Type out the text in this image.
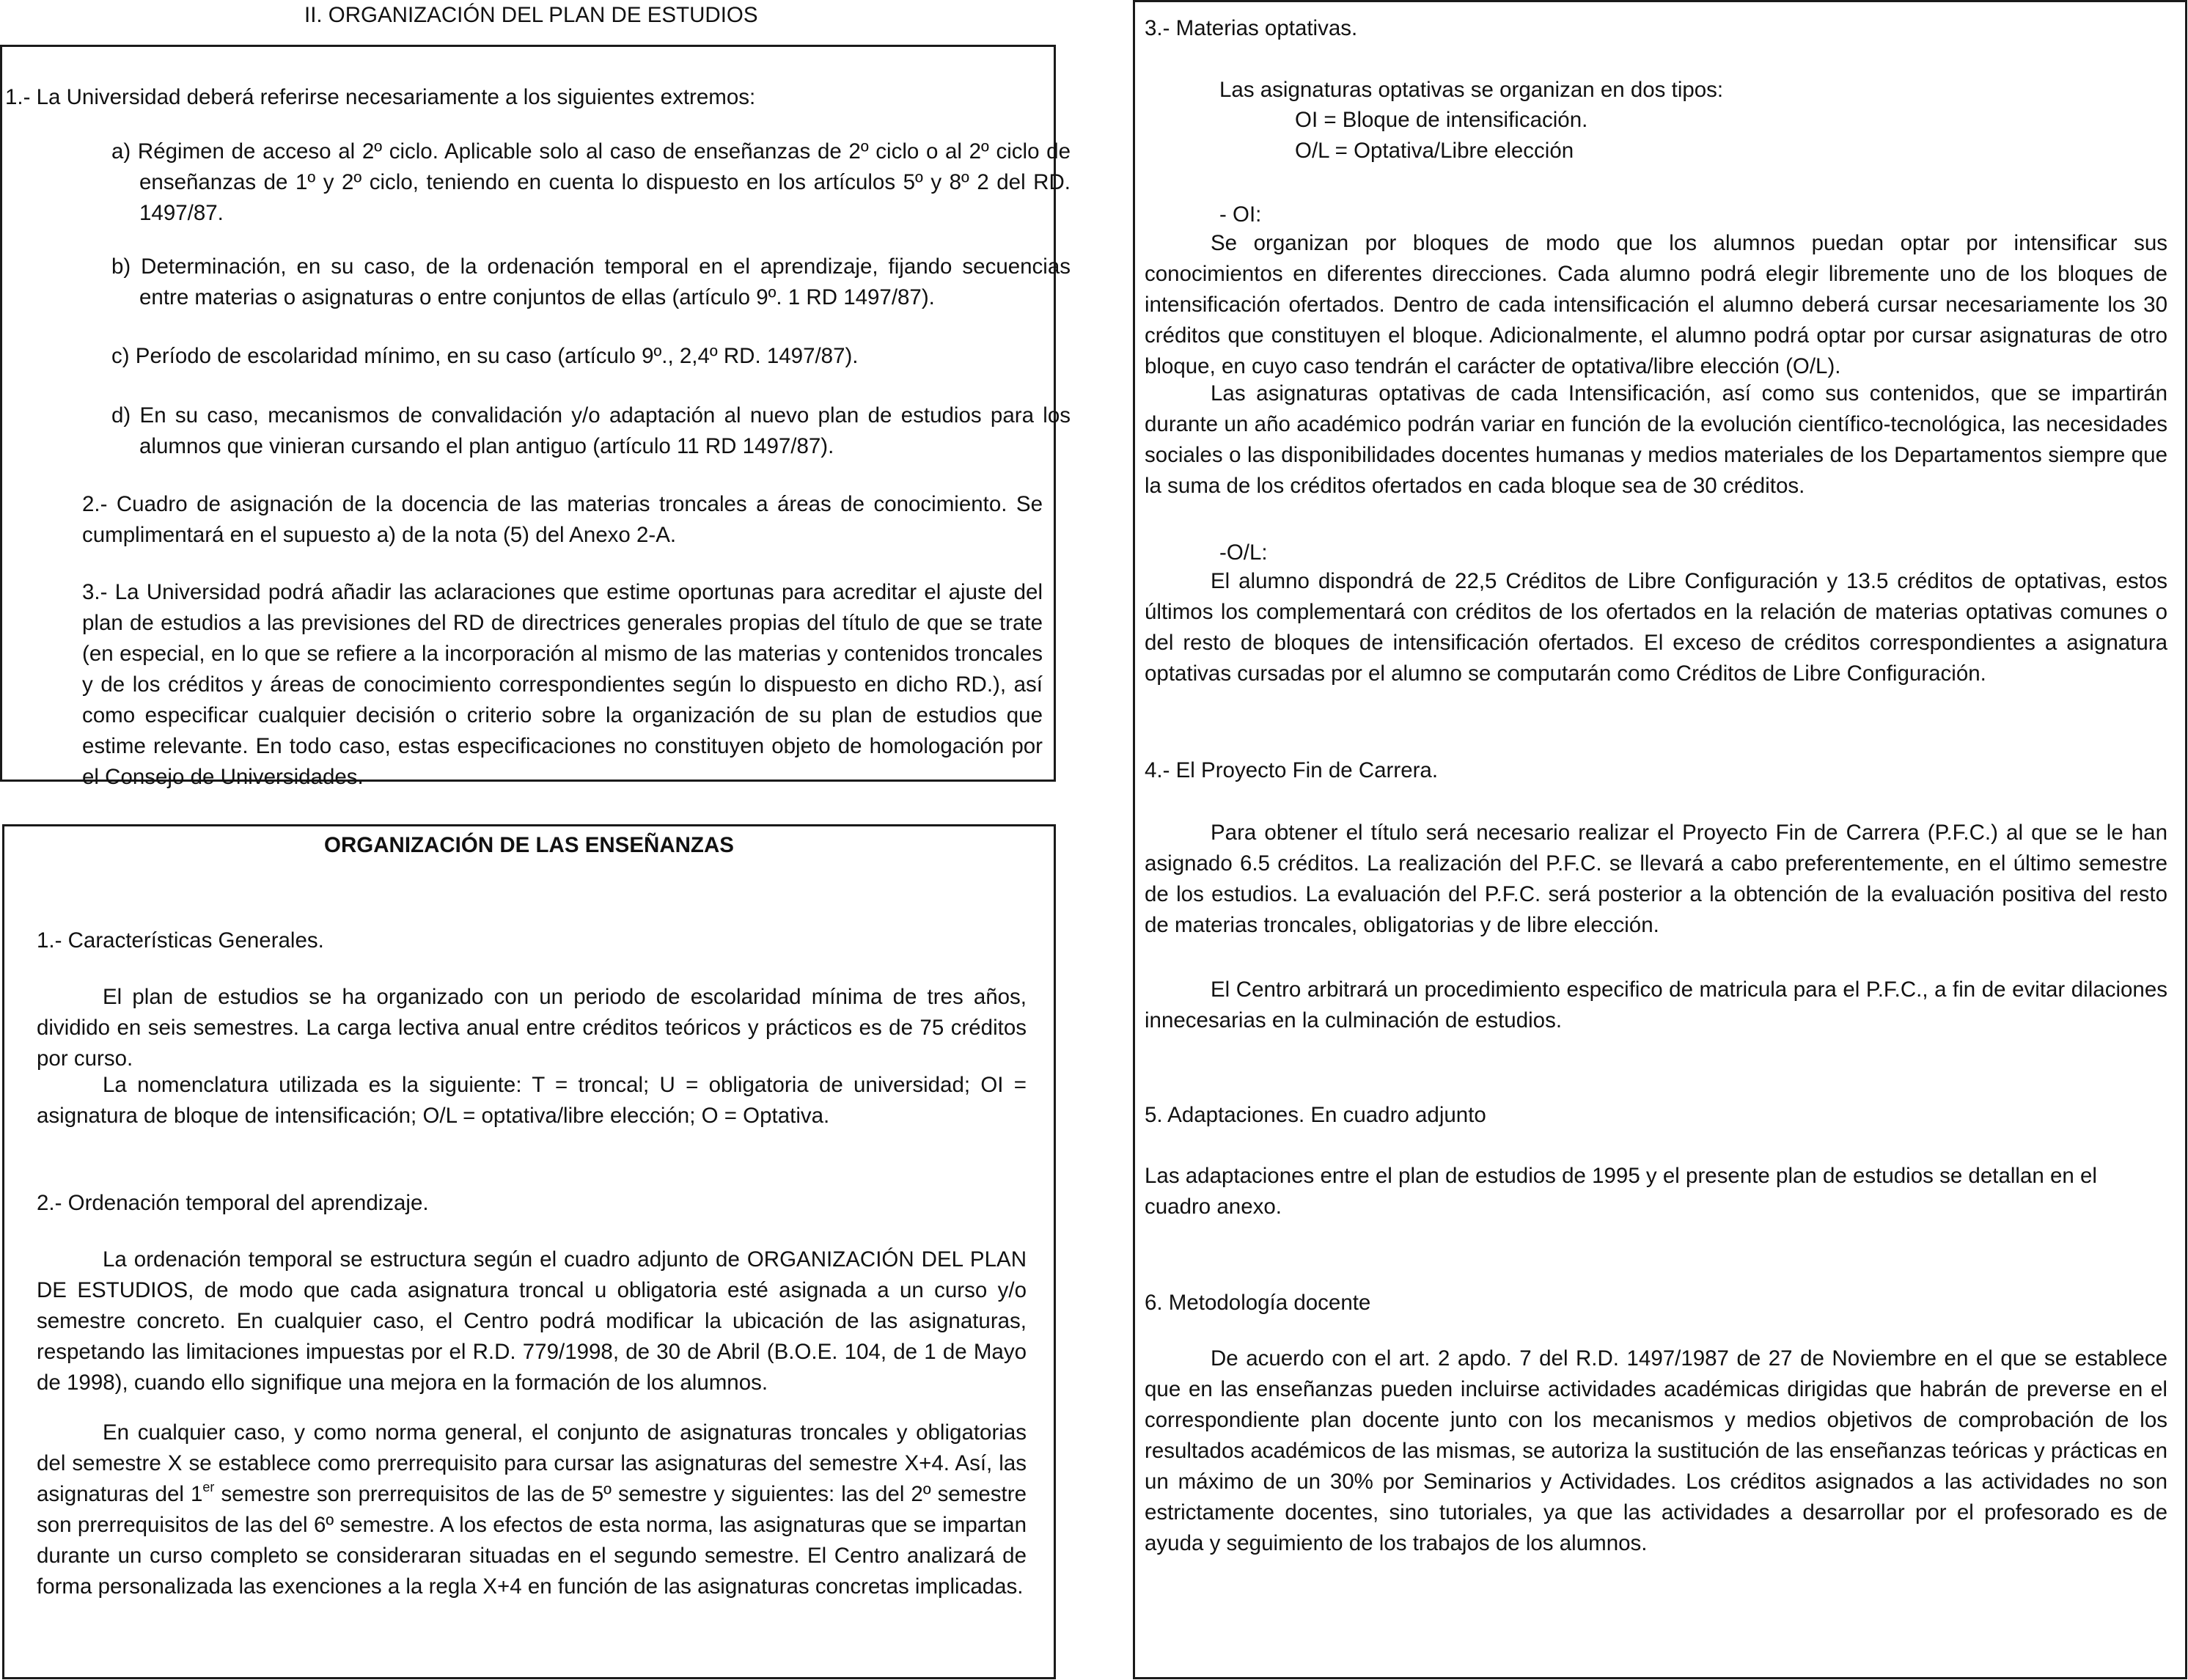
II. ORGANIZACIÓN DEL PLAN DE ESTUDIOS

1.- La Universidad deberá referirse necesariamente a los siguientes extremos:

a) Régimen de acceso al 2º ciclo. Aplicable solo al caso de enseñanzas de 2º ciclo o al 2º ciclo de enseñanzas de 1º y 2º ciclo, teniendo en cuenta lo dispuesto en los artículos 5º y 8º 2 del RD. 1497/87.

b) Determinación, en su caso, de la ordenación temporal en el aprendizaje, fijando secuencias entre materias o asignaturas o entre conjuntos de ellas (artículo 9º. 1 RD 1497/87).

c) Período de escolaridad mínimo, en su caso (artículo 9º., 2,4º RD. 1497/87).

d) En su caso, mecanismos de convalidación y/o adaptación al nuevo plan de estudios para los alumnos que vinieran cursando el plan antiguo (artículo 11 RD 1497/87).

2.- Cuadro de asignación de la docencia de las materias troncales a áreas de conocimiento. Se cumplimentará en el supuesto a) de la nota (5) del Anexo 2-A.

3.- La Universidad podrá añadir las aclaraciones que estime oportunas para acreditar el ajuste del plan de estudios a las previsiones del RD de directrices generales propias del título de que se trate (en especial, en lo que se refiere a la incorporación al mismo de las materias y contenidos troncales y de los créditos y áreas de conocimiento correspondientes según lo dispuesto en dicho RD.), así como especificar cualquier decisión o criterio sobre la organización de su plan de estudios que estime relevante. En todo caso, estas especificaciones no constituyen objeto de homologación por el Consejo de Universidades.

ORGANIZACIÓN DE LAS ENSEÑANZAS

1.- Características Generales.

El plan de estudios se ha organizado con un periodo de escolaridad mínima de tres años, dividido en seis semestres. La carga lectiva anual entre créditos teóricos y prácticos es de 75 créditos por curso.

La nomenclatura utilizada es la siguiente: T = troncal; U = obligatoria de universidad; OI = asignatura de bloque de intensificación; O/L = optativa/libre elección; O = Optativa.

2.- Ordenación temporal del aprendizaje.

La ordenación temporal se estructura según el cuadro adjunto de ORGANIZACIÓN DEL PLAN DE ESTUDIOS, de modo que cada asignatura troncal u obligatoria esté asignada a un curso y/o semestre concreto. En cualquier caso, el Centro podrá modificar la ubicación de las asignaturas, respetando las limitaciones impuestas por el R.D. 779/1998, de 30 de Abril (B.O.E. 104, de 1 de Mayo de 1998), cuando ello signifique una mejora en la formación de los alumnos.

En cualquier caso, y como norma general, el conjunto de asignaturas troncales y obligatorias del semestre X se establece como prerrequisito para cursar las asignaturas del semestre X+4. Así, las asignaturas del 1er semestre son prerrequisitos de las de 5º semestre y siguientes: las del 2º semestre son prerrequisitos de las del 6º semestre. A los efectos de esta norma, las asignaturas que se impartan durante un curso completo se consideraran situadas en el segundo semestre. El Centro analizará de forma personalizada las exenciones a la regla X+4 en función de las asignaturas concretas implicadas.

3.- Materias optativas.

Las asignaturas optativas se organizan en dos tipos:

OI = Bloque de intensificación.

O/L = Optativa/Libre elección

- OI:

Se organizan por bloques de modo que los alumnos puedan optar por intensificar sus conocimientos en diferentes direcciones. Cada alumno podrá elegir libremente uno de los bloques de intensificación ofertados. Dentro de cada intensificación el alumno deberá cursar necesariamente los 30 créditos que constituyen el bloque. Adicionalmente, el alumno podrá optar por cursar asignaturas de otro bloque, en cuyo caso tendrán el carácter de optativa/libre elección (O/L).

Las asignaturas optativas de cada Intensificación, así como sus contenidos, que se impartirán durante un año académico podrán variar en función de la evolución científico-tecnológica, las necesidades sociales o las disponibilidades docentes humanas y medios materiales de los Departamentos siempre que la suma de los créditos ofertados en cada bloque sea de 30 créditos.

-O/L:

El alumno dispondrá de 22,5 Créditos de Libre Configuración y 13.5 créditos de optativas, estos últimos los complementará con créditos de los ofertados en la relación de materias optativas comunes o del resto de bloques de intensificación ofertados. El exceso de créditos correspondientes a asignatura optativas cursadas por el alumno se computarán como Créditos de Libre Configuración.

4.- El Proyecto Fin de Carrera.

Para obtener el título será necesario realizar el Proyecto Fin de Carrera (P.F.C.) al que se le han asignado 6.5 créditos. La realización del P.F.C. se llevará a cabo preferentemente, en el último semestre de los estudios. La evaluación del P.F.C. será posterior a la obtención de la evaluación positiva del resto de materias troncales, obligatorias y de libre elección.

El Centro arbitrará un procedimiento especifico de matricula para el P.F.C., a fin de evitar dilaciones innecesarias en la culminación de estudios.

5. Adaptaciones. En cuadro adjunto

Las adaptaciones entre el plan de estudios de 1995 y el presente plan de estudios se detallan en el cuadro anexo.

6. Metodología docente

De acuerdo con el art. 2 apdo. 7 del R.D. 1497/1987 de 27 de Noviembre en el que se establece que en las enseñanzas pueden incluirse actividades académicas dirigidas que habrán de preverse en el correspondiente plan docente junto con los mecanismos y medios objetivos de comprobación de los resultados académicos de las mismas, se autoriza la sustitución de las enseñanzas teóricas y prácticas en un máximo de un 30% por Seminarios y Actividades. Los créditos asignados a las actividades no son estrictamente docentes, sino tutoriales, ya que las actividades a desarrollar por el profesorado es de ayuda y seguimiento de los trabajos de los alumnos.
